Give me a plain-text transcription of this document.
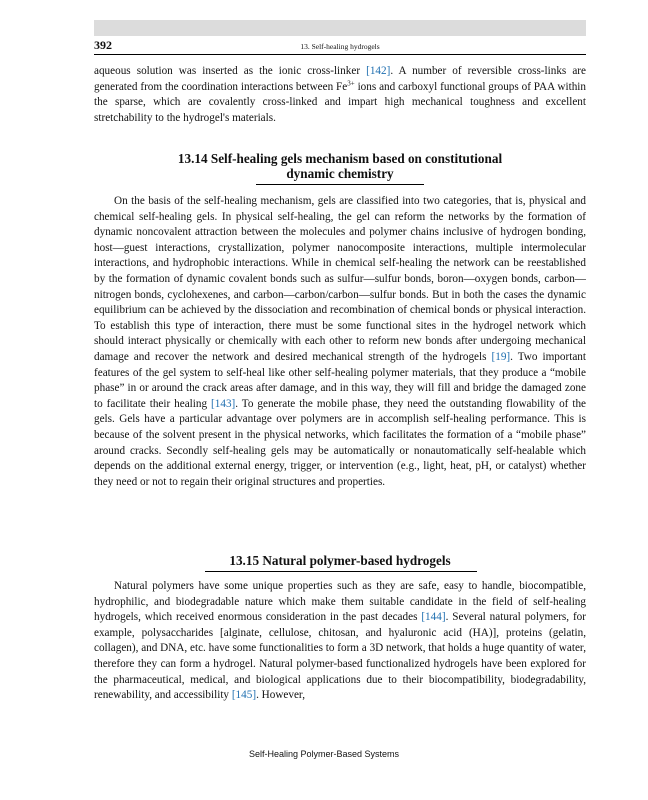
392	13. Self-healing hydrogels

aqueous solution was inserted as the ionic cross-linker [142]. A number of reversible cross-links are generated from the coordination interactions between $Fe^{3+}$ ions and carboxyl functional groups of PAA within the sparse, which are covalently cross-linked and impart high mechanical toughness and excellent stretchability to the hydrogel's materials.

13.14 Self-healing gels mechanism based on constitutional
dynamic chemistry

On the basis of the self-healing mechanism, gels are classified into two categories, that is, physical and chemical self-healing gels. In physical self-healing, the gel can reform the networks by the formation of dynamic noncovalent attraction between the molecules and polymer chains inclusive of hydrogen bonding, host—guest interactions, crystallization, polymer nanocomposite interactions, multiple intermolecular interactions, and hydrophobic interactions. While in chemical self-healing the network can be reestablished by the formation of dynamic covalent bonds such as sulfur—sulfur bonds, boron—oxygen bonds, carbon—nitrogen bonds, cyclohexenes, and carbon—carbon/carbon—sulfur bonds. But in both the cases the dynamic equilibrium can be achieved by the dissociation and recombination of chemical bonds or physical interaction. To establish this type of interaction, there must be some functional sites in the hydrogel network which should interact physically or chemically with each other to reform new bonds after undergoing mechanical damage and recover the network and desired mechanical strength of the hydrogels [19]. Two important features of the gel system to self-heal like other self-healing polymer materials, that they produce a “mobile phase” in or around the crack areas after damage, and in this way, they will fill and bridge the damaged zone to facilitate their healing [143]. To generate the mobile phase, they need the outstanding flowability of the gels. Gels have a particular advantage over polymers are in accomplish self-healing performance. This is because of the solvent present in the physical networks, which facilitates the formation of a “mobile phase” around cracks. Secondly self-healing gels may be automatically or nonautomatically self-healable which depends on the additional external energy, trigger, or intervention (e.g., light, heat, pH, or catalyst) whether they need or not to regain their original structures and properties.

13.15 Natural polymer-based hydrogels

Natural polymers have some unique properties such as they are safe, easy to handle, biocompatible, hydrophilic, and biodegradable nature which make them suitable candidate in the field of self-healing hydrogels, which received enormous consideration in the past decades [144]. Several natural polymers, for example, polysaccharides [alginate, cellulose, chitosan, and hyaluronic acid (HA)], proteins (gelatin, collagen), and DNA, etc. have some functionalities to form a 3D network, that holds a huge quantity of water, therefore they can form a hydrogel. Natural polymer-based functionalized hydrogels have been explored for the pharmaceutical, medical, and biological applications due to their biocompatibility, biodegradability, renewability, and accessibility [145]. However,

Self-Healing Polymer-Based Systems
